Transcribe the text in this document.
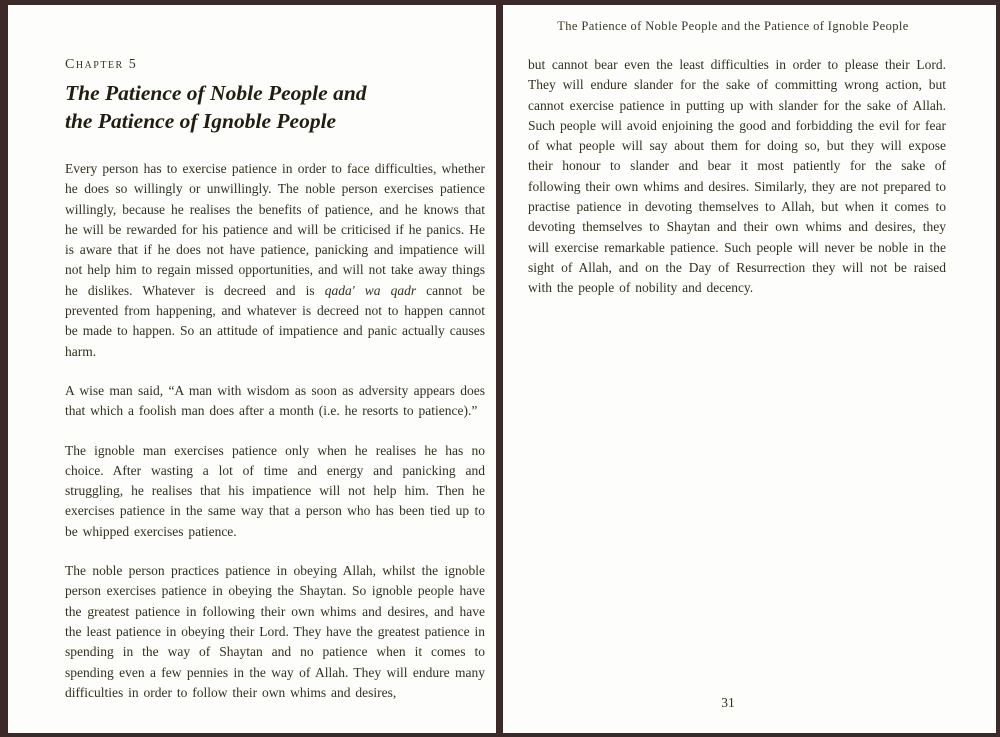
Chapter 5
The Patience of Noble People and
the Patience of Ignoble People

Every person has to exercise patience in order to face difficulties, whether he does so willingly or unwillingly. The noble person exercises patience willingly, because he realises the benefits of patience, and he knows that he will be rewarded for his patience and will be criticised if he panics. He is aware that if he does not have patience, panicking and impatience will not help him to regain missed opportunities, and will not take away things he dislikes. Whatever is decreed and is qada' wa qadr cannot be prevented from happening, and whatever is decreed not to happen cannot be made to happen. So an attitude of impatience and panic actually causes harm.

A wise man said, “A man with wisdom as soon as adversity appears does that which a foolish man does after a month (i.e. he resorts to patience).”

The ignoble man exercises patience only when he realises he has no choice. After wasting a lot of time and energy and panicking and struggling, he realises that his impatience will not help him. Then he exercises patience in the same way that a person who has been tied up to be whipped exercises patience.

The noble person practices patience in obeying Allah, whilst the ignoble person exercises patience in obeying the Shaytan. So ignoble people have the greatest patience in following their own whims and desires, and have the least patience in obeying their Lord. They have the greatest patience in spending in the way of Shaytan and no patience when it comes to spending even a few pennies in the way of Allah. They will endure many difficulties in order to follow their own whims and desires,

The Patience of Noble People and the Patience of Ignoble People

but cannot bear even the least difficulties in order to please their Lord. They will endure slander for the sake of committing wrong action, but cannot exercise patience in putting up with slander for the sake of Allah. Such people will avoid enjoining the good and forbidding the evil for fear of what people will say about them for doing so, but they will expose their honour to slander and bear it most patiently for the sake of following their own whims and desires. Similarly, they are not prepared to practise patience in devoting themselves to Allah, but when it comes to devoting themselves to Shaytan and their own whims and desires, they will exercise remarkable patience. Such people will never be noble in the sight of Allah, and on the Day of Resurrection they will not be raised with the people of nobility and decency.

31
